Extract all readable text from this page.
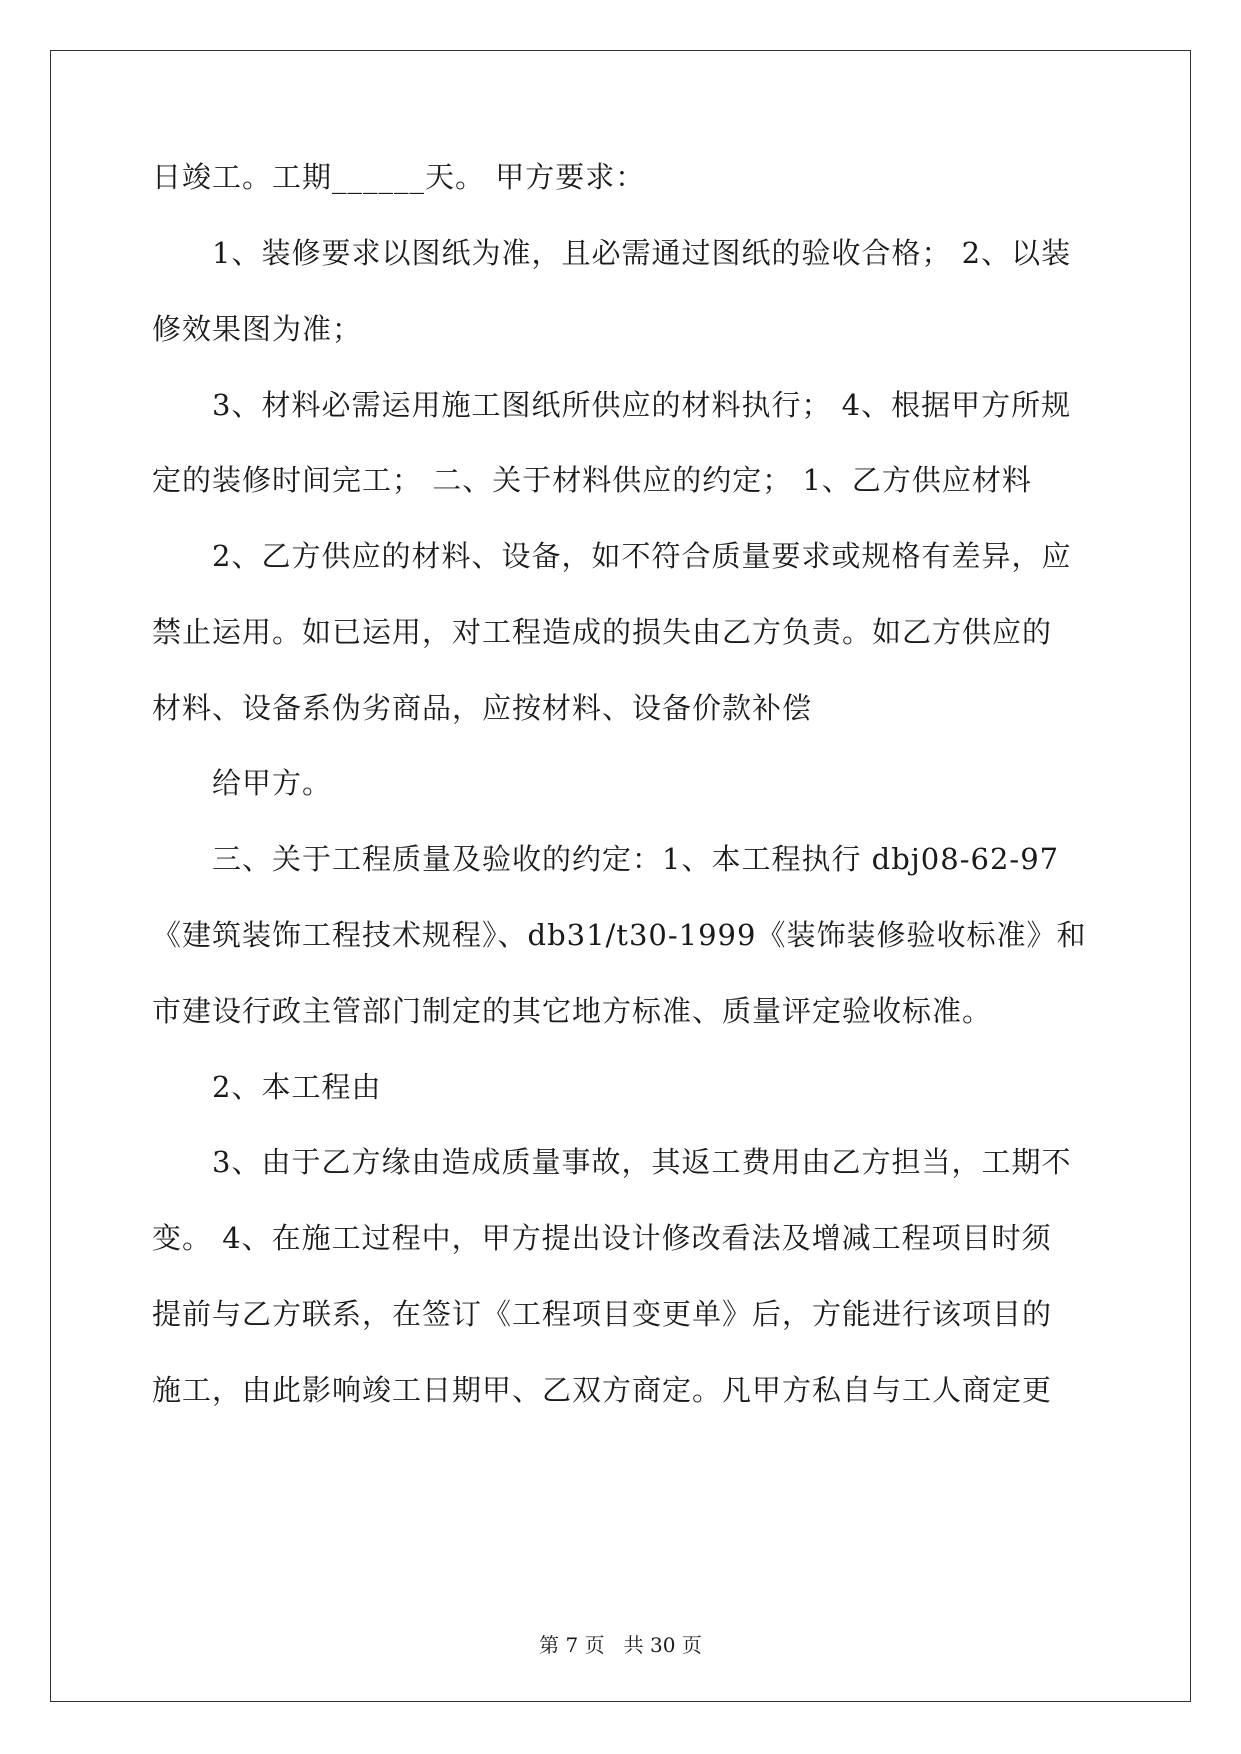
日竣工。工期______天。 甲方要求：
1、装修要求以图纸为准，且必需通过图纸的验收合格； 2、以装
修效果图为准；
3、材料必需运用施工图纸所供应的材料执行； 4、根据甲方所规
定的装修时间完工； 二、关于材料供应的约定； 1、乙方供应材料
2、乙方供应的材料、设备，如不符合质量要求或规格有差异，应
禁止运用。如已运用，对工程造成的损失由乙方负责。如乙方供应的
材料、设备系伪劣商品，应按材料、设备价款补偿
给甲方。
三、关于工程质量及验收的约定：1、本工程执行 dbj08-62-97
《建筑装饰工程技术规程》、db31/t30-1999《装饰装修验收标准》和
市建设行政主管部门制定的其它地方标准、质量评定验收标准。
2、本工程由
3、由于乙方缘由造成质量事故，其返工费用由乙方担当，工期不
变。 4、在施工过程中，甲方提出设计修改看法及增减工程项目时须
提前与乙方联系，在签订《工程项目变更单》后，方能进行该项目的
施工，由此影响竣工日期甲、乙双方商定。凡甲方私自与工人商定更
第 7 页 共 30 页
